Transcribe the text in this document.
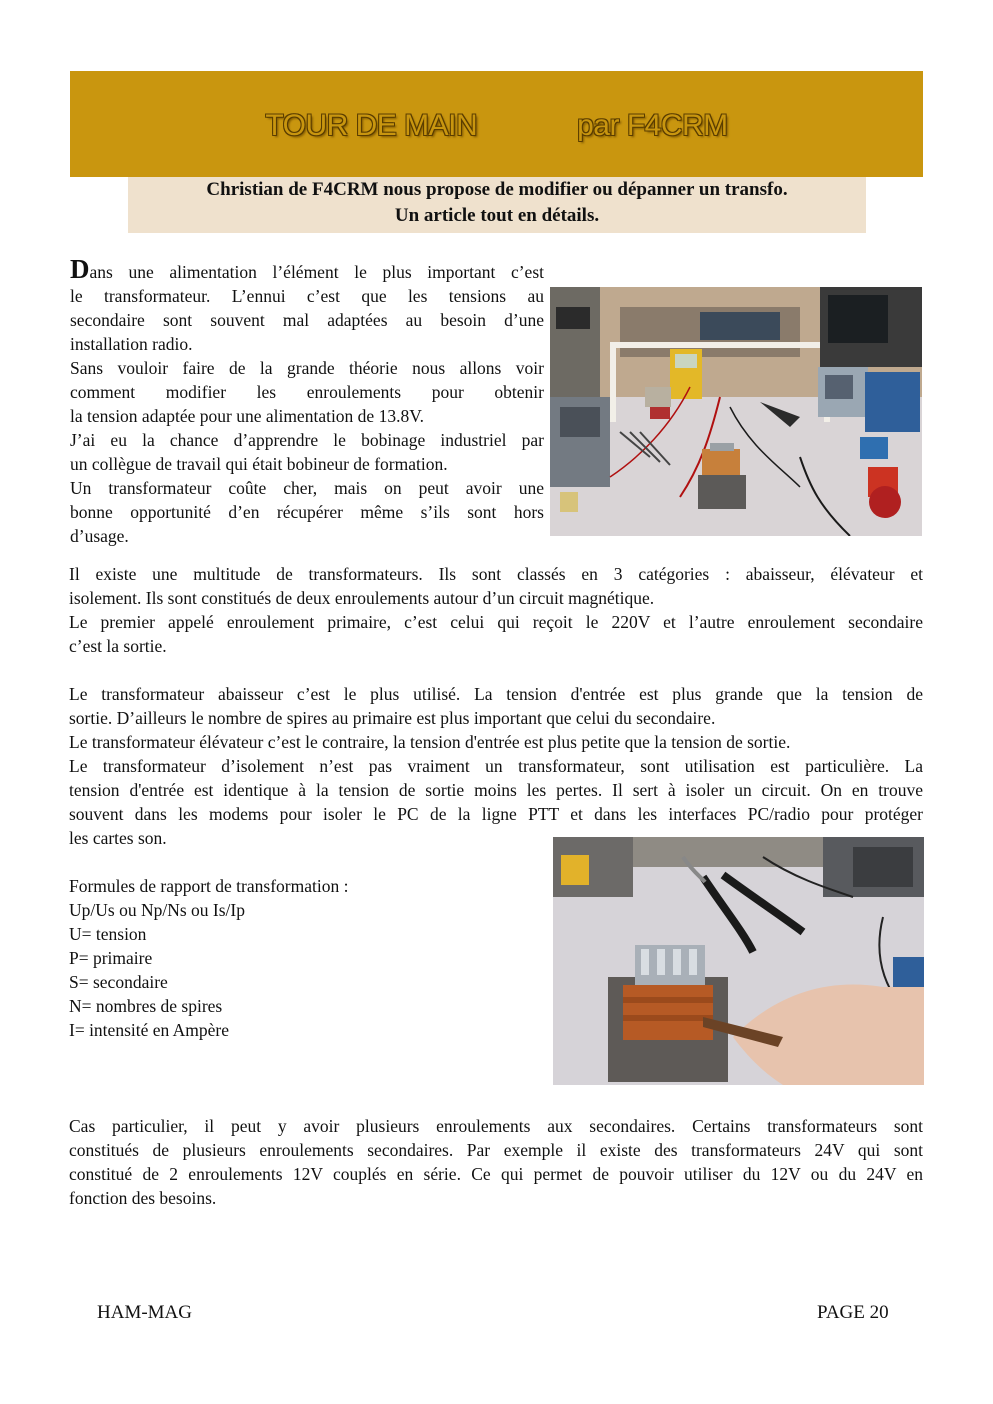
TOUR DE MAIN	par F4CRM
Christian de F4CRM nous propose de modifier ou dépanner un transfo.
Un article tout en détails.
Dans une alimentation l’élément le plus important c’est
le transformateur. L’ennui c’est que les tensions au
secondaire sont souvent mal adaptées au besoin d’une
installation radio.
Sans vouloir faire de la grande théorie nous allons voir
comment modifier les enroulements pour obtenir
la tension adaptée pour une alimentation de 13.8V.
J’ai eu la chance d’apprendre le bobinage industriel par
un collègue de travail qui était bobineur de formation.
Un transformateur coûte cher, mais on peut avoir une
bonne opportunité d’en récupérer même s’ils sont hors
d’usage.
Il existe une multitude de transformateurs. Ils sont classés en 3 catégories : abaisseur, élévateur et
isolement. Ils sont constitués de deux enroulements autour d’un circuit magnétique.
Le premier appelé enroulement primaire, c’est celui qui reçoit le 220V et l’autre enroulement secondaire
c’est la sortie.
Le transformateur abaisseur c’est le plus utilisé. La tension d'entrée est plus grande que la tension de
sortie. D’ailleurs le nombre de spires au primaire est plus important que celui du secondaire.
Le transformateur élévateur c’est le contraire, la tension d'entrée est plus petite que la tension de sortie.
Le transformateur d’isolement n’est pas vraiment un transformateur, sont utilisation est particulière. La
tension d'entrée est identique à la tension de sortie moins les pertes. Il sert à isoler un circuit. On en trouve
souvent dans les modems pour isoler le PC de la ligne PTT et dans les interfaces PC/radio pour protéger
les cartes son.
Formules de rapport de transformation :
Up/Us ou Np/Ns ou Is/Ip
U= tension
P= primaire
S= secondaire
N= nombres de spires
I= intensité en Ampère
Cas particulier, il peut y avoir plusieurs enroulements aux secondaires. Certains transformateurs sont
constitués de plusieurs enroulements secondaires. Par exemple il existe des transformateurs 24V qui sont
constitué de 2 enroulements 12V couplés en série. Ce qui permet de pouvoir utiliser du 12V ou du 24V en
fonction des besoins.
HAM-MAG	PAGE 20
